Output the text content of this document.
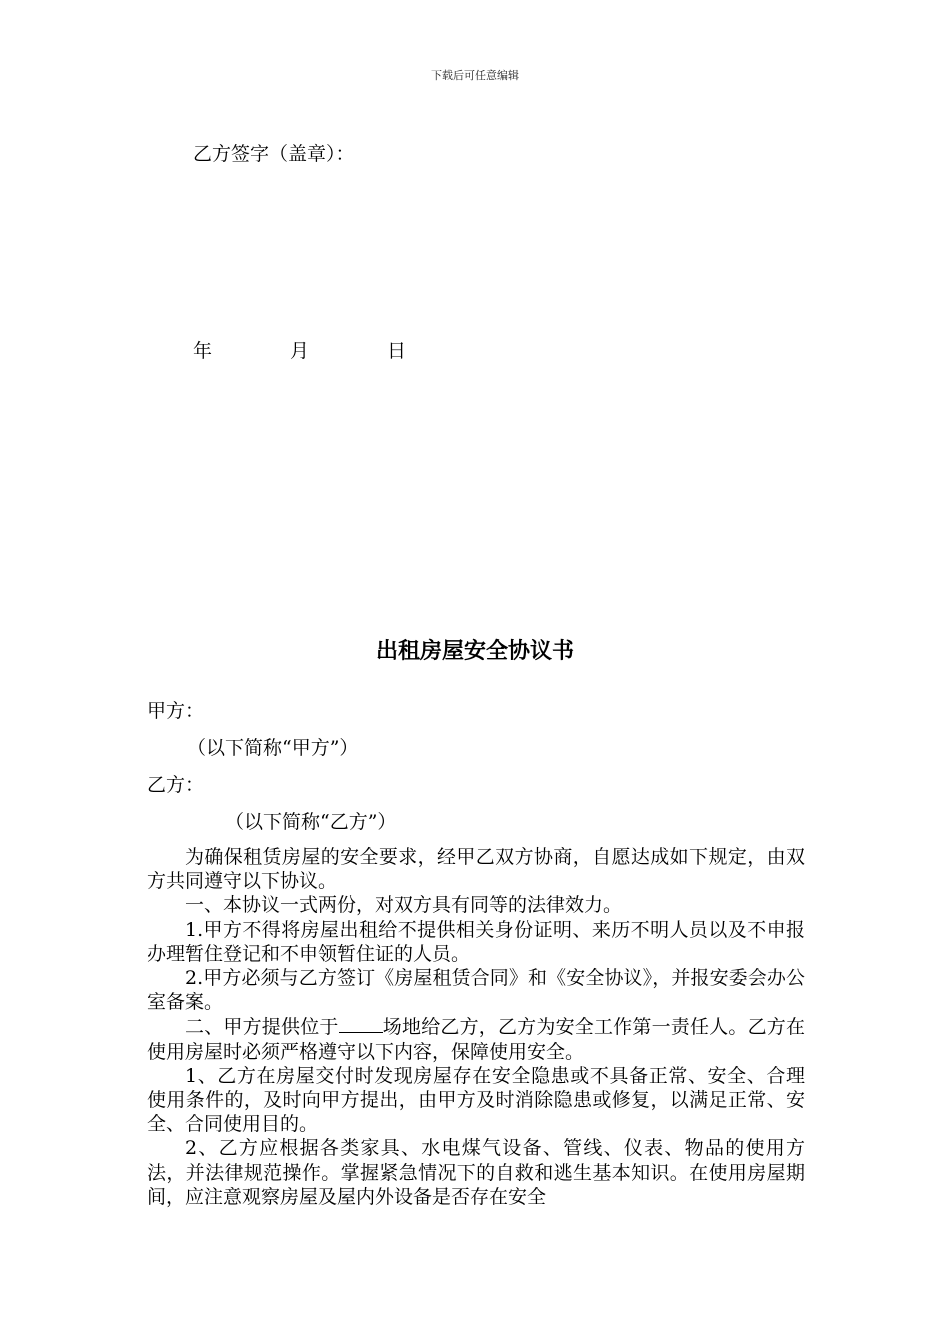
下载后可任意编辑
乙方签字（盖章）：
年	月	日
出租房屋安全协议书
甲方：
（以下简称“甲方”）
乙方：
（以下简称“乙方”）

为确保租赁房屋的安全要求，经甲乙双方协商，自愿达成如下规定，由双方共同遵守以下协议。

一、本协议一式两份，对双方具有同等的法律效力。

1.甲方不得将房屋出租给不提供相关身份证明、来历不明人员以及不申报办理暂住登记和不申领暂住证的人员。

2.甲方必须与乙方签订《房屋租赁合同》和《安全协议》，并报安委会办公室备案。

二、甲方提供位于 场地给乙方，乙方为安全工作第一责任人。乙方在使用房屋时必须严格遵守以下内容，保障使用安全。

1、乙方在房屋交付时发现房屋存在安全隐患或不具备正常、安全、合理使用条件的，及时向甲方提出，由甲方及时消除隐患或修复，以满足正常、安全、合同使用目的。

2、乙方应根据各类家具、水电煤气设备、管线、仪表、物品的使用方法，并法律规范操作。掌握紧急情况下的自救和逃生基本知识。在使用房屋期间，应注意观察房屋及屋内外设备是否存在安全
